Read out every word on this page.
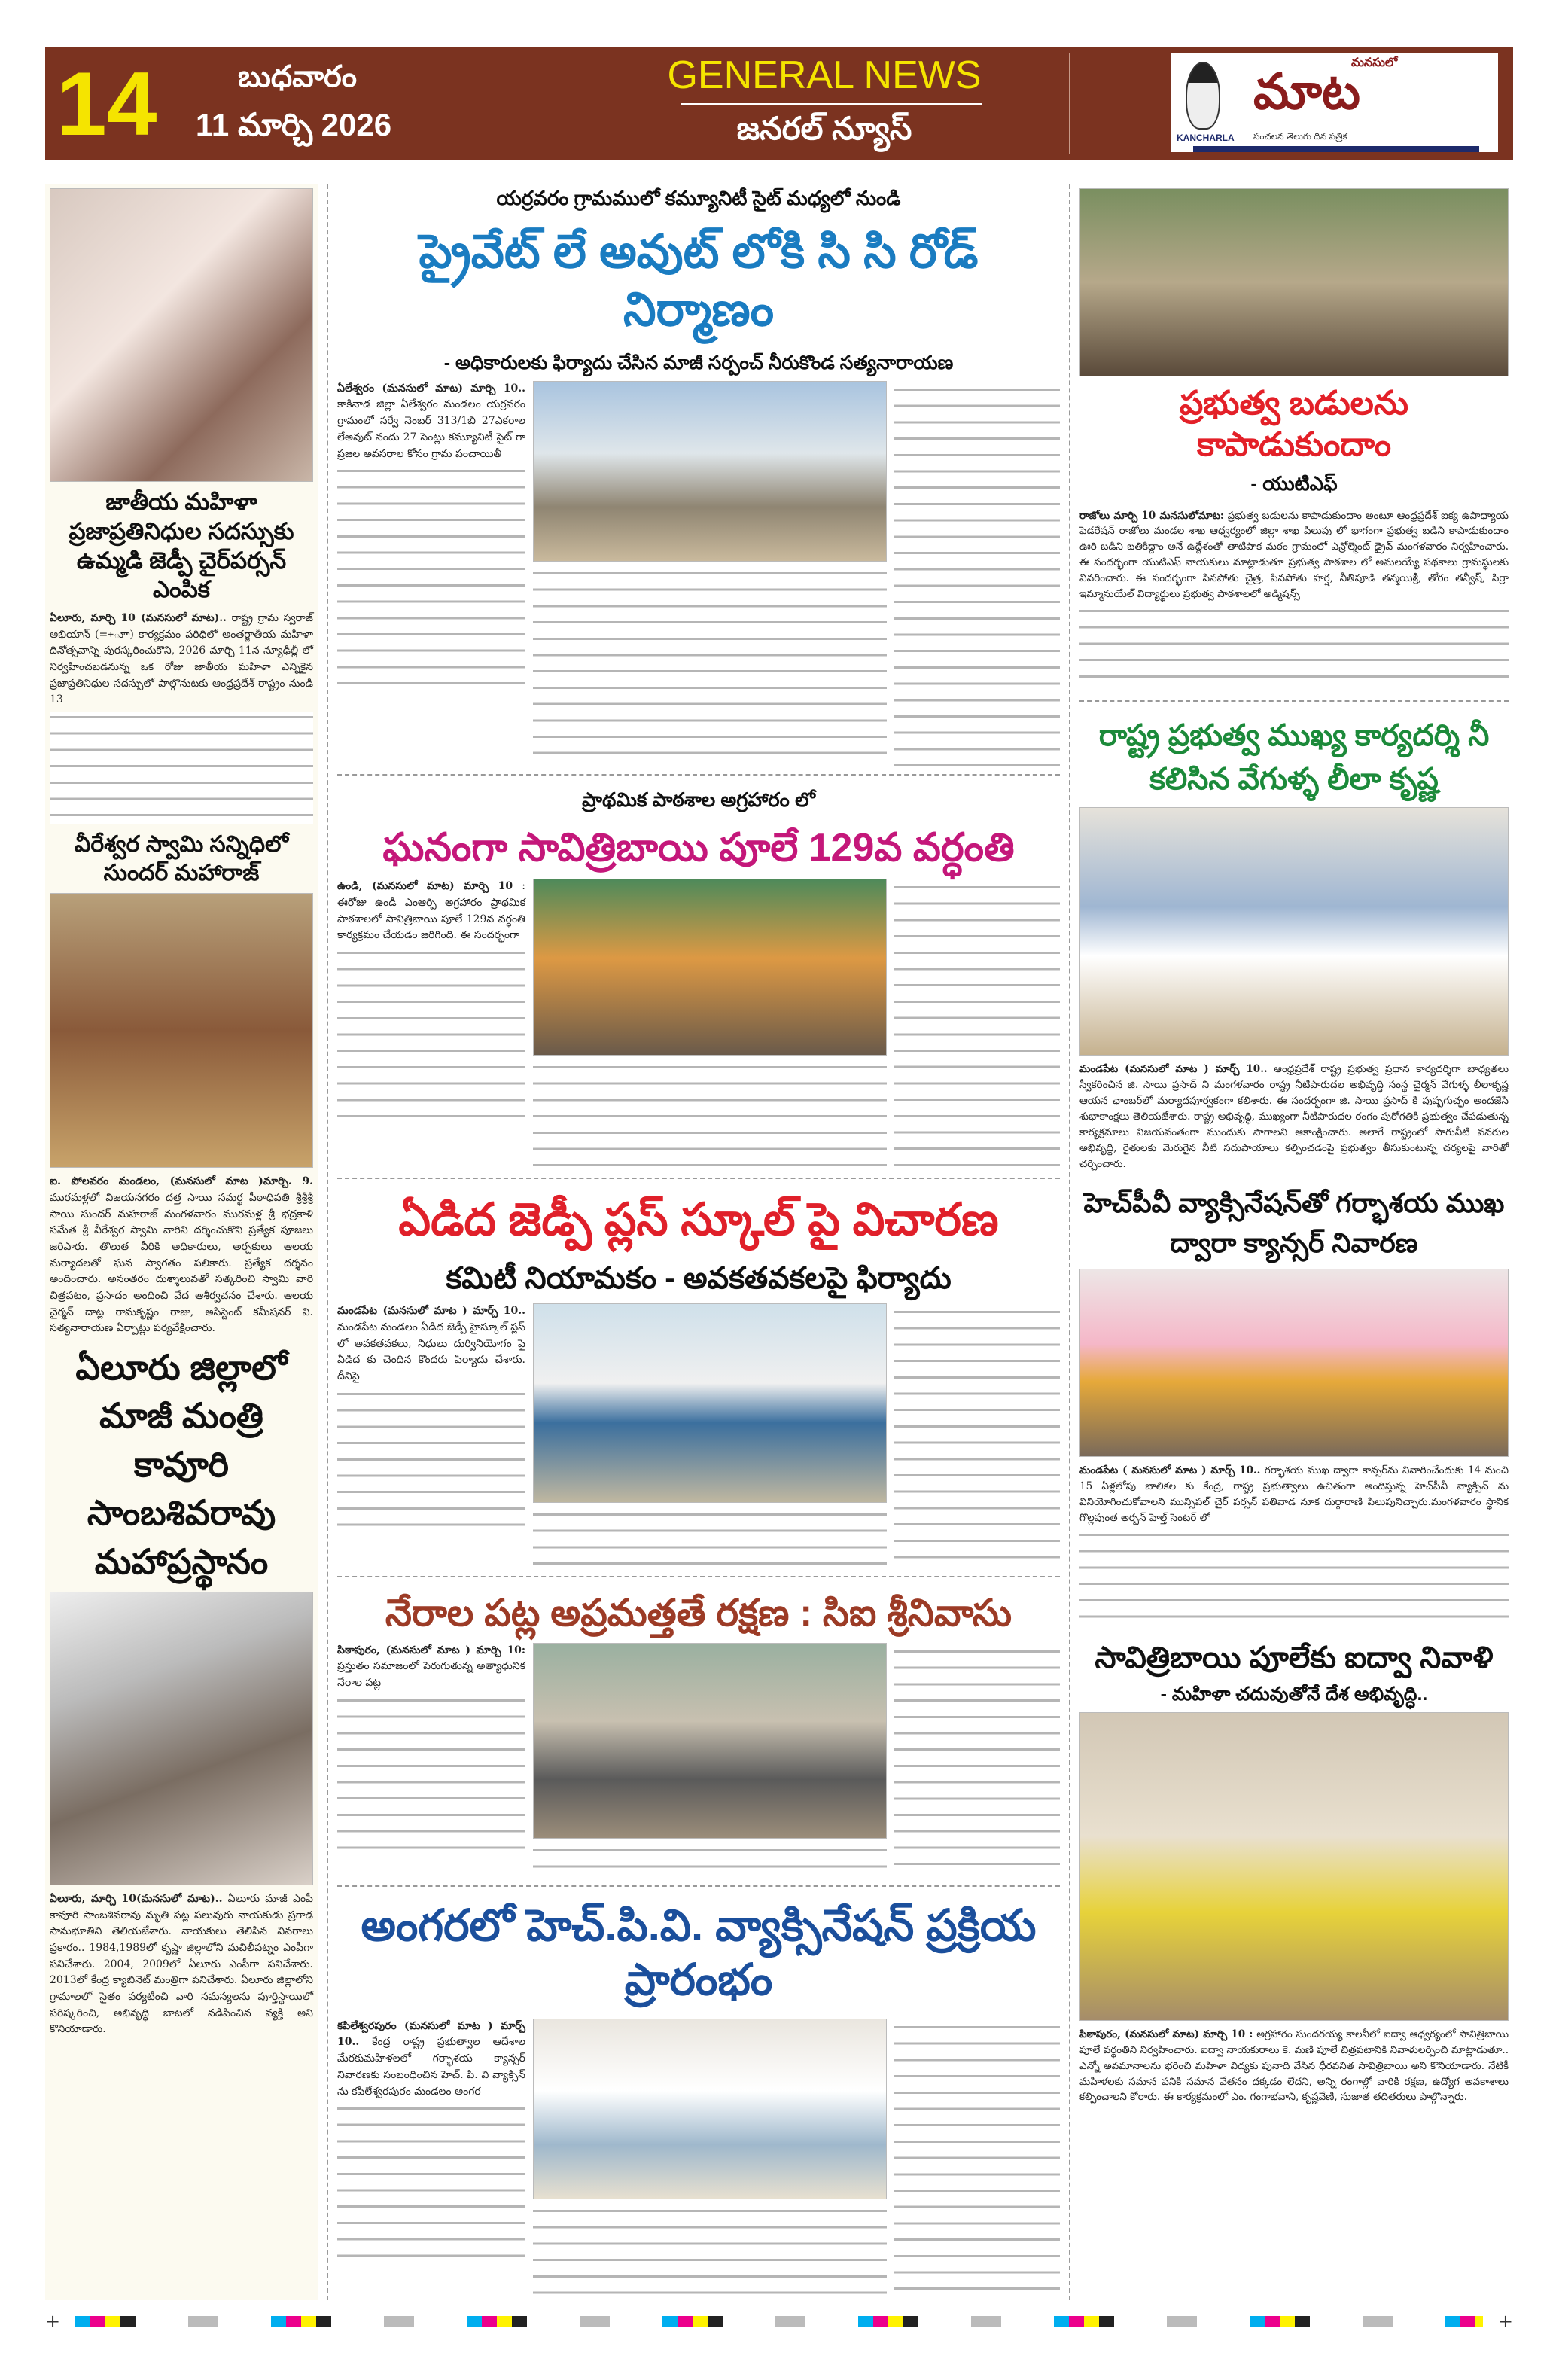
14	బుధవారం
11 మార్చి 2026
GENERAL NEWS
జనరల్ న్యూస్	KANCHARLA
మనసులో
మాట
సంచలన తెలుగు దిన పత్రిక
జాతీయ మహిళా ప్రజాప్రతినిధుల సదస్సుకు ఉమ్మడి జెడ్పీ చైర్‌పర్సన్ ఎంపిక

ఏలూరు, మార్చి 10 (మనసులో మాట).. రాష్ట్ర గ్రామ స్వరాజ్ అభియాన్ (=+ూా) కార్యక్రమం పరిధిలో అంతర్జాతీయ మహిళా దినోత్సవాన్ని పురస్కరించుకొని, 2026 మార్చి 11న న్యూఢిల్లీ లో నిర్వహించబడనున్న ఒక రోజు జాతీయ మహిళా ఎన్నికైన ప్రజాప్రతినిధుల సదస్సులో పాల్గొనుటకు ఆంధ్రప్రదేశ్ రాష్ట్రం నుండి 13

వీరేశ్వర స్వామి సన్నిధిలో సుందర్ మహారాజ్

ఐ. పోలవరం మండలం, (మనసులో మాట )మార్చి. 9. మురమళ్లలో విజయనగరం దత్త సాయి సమర్థ పీఠాధిపతి శ్రీశ్రీశ్రీ సాయి సుందర్ మహరాజ్ మంగళవారం మురమళ్ల శ్రీ భద్రకాళి సమేత శ్రీ వీరేశ్వర స్వామి వారిని దర్శించుకొని ప్రత్యేక పూజలు జరిపారు. తొలుత వీరికి అధికారులు, అర్చకులు ఆలయ మర్యాదలతో ఘన స్వాగతం పలికారు. ప్రత్యేక దర్శనం అందించారు. అనంతరం దుశ్శాలువతో సత్కరించి స్వామి వారి చిత్రపటం, ప్రసాదం అందించి వేద ఆశీర్వచనం చేశారు. ఆలయ చైర్మన్ దాట్ల రామకృష్ణం రాజు, అసిస్టెంట్ కమీషనర్ వి. సత్యనారాయణ ఏర్పాట్లు పర్యవేక్షించారు.

ఏలూరు జిల్లాలో మాజీ మంత్రి కావూరి సాంబశివరావు మహాప్రస్థానం

ఏలూరు, మార్చి 10(మనసులో మాట).. ఏలూరు మాజీ ఎంపీ కావూరి సాంబశివరావు మృతి పట్ల పలువురు నాయకుడు ప్రగాఢ సానుభూతిని తెలియజేశారు. నాయకులు తెలిపిన వివరాలు ప్రకారం.. 1984,1989లో కృష్ణా జిల్లాలోని మచిలీపట్నం ఎంపీగా పనిచేశారు. 2004, 2009లో ఏలూరు ఎంపీగా పనిచేశారు. 2013లో కేంద్ర క్యాబినెట్ మంత్రిగా పనిచేశారు. ఏలూరు జిల్లాలోని గ్రామాలలో సైతం పర్యటించి వారి సమస్యలను పూర్తిస్థాయిలో పరిష్కరించి, అభివృద్ధి బాటలో నడిపించిన వ్యక్తి అని కొనియాడారు.

యర్రవరం గ్రామములో కమ్యూనిటీ సైట్ మధ్యలో నుండి
ప్రైవేట్ లే అవుట్ లోకి సి సి రోడ్ నిర్మాణం
- అధికారులకు ఫిర్యాదు చేసిన మాజీ సర్పంచ్ నీరుకొండ సత్యనారాయణ

ఏలేశ్వరం (మనసులో మాట) మార్చి 10.. కాకినాడ జిల్లా ఏలేశ్వరం మండలం యర్రవరం గ్రామంలో సర్వే నెంబర్ 313/1బి 27ఎకరాల లేఅవుట్ నందు 27 సెంట్లు కమ్యూనిటీ సైట్ గా ప్రజల అవసరాల కోసం గ్రామ పంచాయితీ

ప్రాథమిక పాఠశాల అగ్రహారం లో
ఘనంగా సావిత్రిబాయి పూలే 129వ వర్ధంతి

ఉండి, (మనసులో మాట) మార్చి 10 : ఈరోజు ఉండి ఎంఆర్పి అగ్రహారం ప్రాథమిక పాఠశాలలో సావిత్రిబాయి పూలే 129వ వర్ధంతి కార్యక్రమం చేయడం జరిగింది. ఈ సందర్భంగా

ఏడిద జెడ్పీ ప్లస్ స్కూల్ పై విచారణ
కమిటీ నియామకం - అవకతవకలపై ఫిర్యాదు

మండపేట (మనసులో మాట ) మార్చ్ 10.. మండపేట మండలం ఏడిద జెడ్పీ హైస్కూల్ ప్లస్ లో అవకతవకలు, నిధులు దుర్వినియోగం పై ఏడిద కు చెందిన కొందరు పిర్యాదు చేశారు. దీనిపై

నేరాల పట్ల అప్రమత్తతే రక్షణ : సిఐ శ్రీనివాసు

పిఠాపురం, (మనసులో మాట ) మార్చి 10: ప్రస్తుతం సమాజంలో పెరుగుతున్న అత్యాధునిక నేరాల పట్ల

అంగరలో హెచ్.పి.వి. వ్యాక్సినేషన్ ప్రక్రియ ప్రారంభం

కపిలేశ్వరపురం (మనసులో మాట ) మార్చ్ 10.. కేంద్ర రాష్ట్ర ప్రభుత్వాల ఆదేశాల మేరకుమహిళలలో గర్భాశయ క్యాన్సర్ నివారణకు సంబంధించిన హెచ్. పి. వి వ్యాక్సిన్ ను కపిలేశ్వరపురం మండలం అంగర

ప్రభుత్వ బడులను కాపాడుకుందాం
- యుటిఎఫ్

రాజోలు మార్చి 10 మనసులోమాట: ప్రభుత్వ బడులను కాపాడుకుందాం అంటూ ఆంధ్రప్రదేశ్ ఐక్య ఉపాధ్యాయ ఫెడరేషన్ రాజోలు మండల శాఖ ఆధ్వర్యంలో జిల్లా శాఖ పిలుపు లో భాగంగా ప్రభుత్వ బడిని కాపాడుకుందాం ఊరి బడిని బతికిద్దాం అనే ఉద్దేశంతో తాటిపాక మఠం గ్రామంలో ఎన్రోల్మెంట్ డ్రైవ్ మంగళవారం నిర్వహించారు. ఈ సందర్భంగా యుటిఎఫ్ నాయకులు మాట్లాడుతూ ప్రభుత్వ పాఠశాల లో అమలయ్యే పథకాలు గ్రామస్థులకు వివరించారు. ఈ సందర్భంగా పినపోతు చైత్ర, పినపోతు హర్ష, నీతిపూడి తన్మయిశ్రీ, తోరం తన్వీష్, సిర్రా ఇమ్మానుయేల్ విద్యార్థులు ప్రభుత్వ పాఠశాలలో అడ్మిషన్స్

రాష్ట్ర ప్రభుత్వ ముఖ్య కార్యదర్శి నీ కలిసిన వేగుళ్ళ లీలా కృష్ణ

మండపేట (మనసులో మాట ) మార్చ్ 10.. ఆంధ్రప్రదేశ్ రాష్ట్ర ప్రభుత్వ ప్రధాన కార్యదర్శిగా బాధ్యతలు స్వీకరించిన జి. సాయి ప్రసాద్ ని మంగళవారం రాష్ట్ర నీటిపారుదల అభివృద్ధి సంస్థ చైర్మన్ వేగుళ్ళ లీలాకృష్ణ ఆయన ఛాంబర్‌లో మర్యాదపూర్వకంగా కలిశారు. ఈ సందర్భంగా జి. సాయి ప్రసాద్ కి పుష్పగుచ్ఛం అందజేసి శుభాకాంక్షలు తెలియజేశారు. రాష్ట్ర అభివృద్ధి, ముఖ్యంగా నీటిపారుదల రంగం పురోగతికి ప్రభుత్వం చేపడుతున్న కార్యక్రమాలు విజయవంతంగా ముందుకు సాగాలని ఆకాంక్షించారు. అలాగే రాష్ట్రంలో సాగునీటి వనరుల అభివృద్ధి, రైతులకు మెరుగైన నీటి సదుపాయాలు కల్పించడంపై ప్రభుత్వం తీసుకుంటున్న చర్యలపై వారితో చర్చించారు.

హెచ్‌పీవీ వ్యాక్సినేషన్‌తో గర్భాశయ ముఖ ద్వారా క్యాన్సర్ నివారణ

మండపేట ( మనసులో మాట ) మార్చ్ 10.. గర్భాశయ ముఖ ద్వారా కాన్సర్‌ను నివారించేందుకు 14 నుంచి 15 ఏళ్లలోపు బాలికల కు కేంద్ర, రాష్ట్ర ప్రభుత్వాలు ఉచితంగా అందిస్తున్న హెచ్‌పీవీ వ్యాక్సిన్ ను వినియోగించుకోవాలని మున్సిపల్ చైర్ పర్సన్ పతివాడ నూక దుర్గారాణి పిలుపునిచ్చారు.మంగళవారం స్థానిక గొల్లపుంత అర్బన్ హెల్త్ సెంటర్ లో

సావిత్రిబాయి పూలేకు ఐద్వా నివాళి
- మహిళా చదువుతోనే దేశ అభివృద్ధి..

పిఠాపురం, (మనసులో మాట) మార్చి 10 : అగ్రహారం సుందరయ్య కాలనీలో ఐద్వా ఆధ్వర్యంలో సావిత్రిబాయి పూలే వర్ధంతిని నిర్వహించారు. ఐద్వా నాయకురాలు కె. మణి పూలే చిత్రపటానికి నివాళులర్పించి మాట్లాడుతూ.. ఎన్నో అవమానాలను భరించి మహిళా విద్యకు పునాది వేసిన ధీరవనిత సావిత్రిబాయి అని కొనియాడారు. నేటికీ మహిళలకు సమాన పనికి సమాన వేతనం దక్కడం లేదని, అన్ని రంగాల్లో వారికి రక్షణ, ఉద్యోగ అవకాశాలు కల్పించాలని కోరారు. ఈ కార్యక్రమంలో ఎం. గంగాభవాని, కృష్ణవేణి, సుజాత తదితరులు పాల్గొన్నారు.

+	+
